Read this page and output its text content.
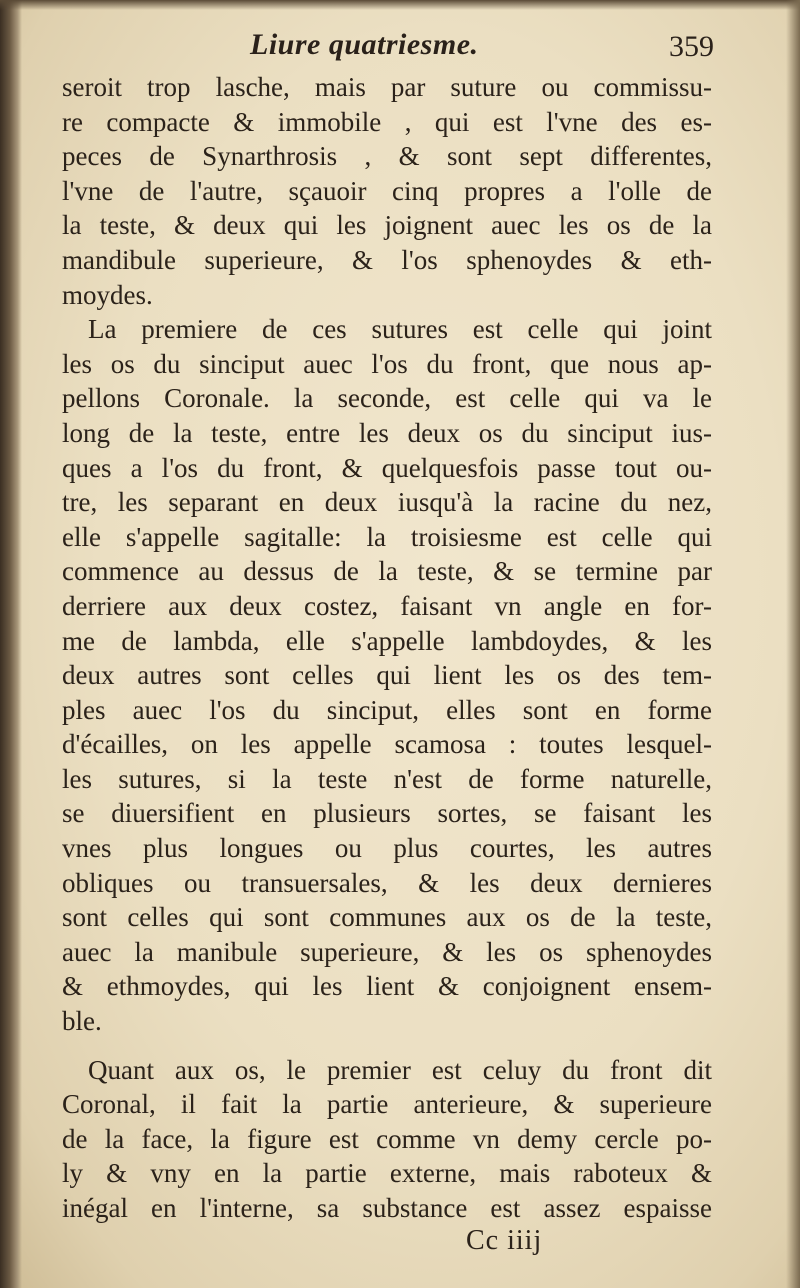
Liure quatriesme.	359
seroit trop lasche, mais par suture ou commissu-
re compacte & immobile , qui est l'vne des es-
peces de Synarthrosis , & sont sept differentes,
l'vne de l'autre, sçauoir cinq propres a l'olle de
la teste, & deux qui les joignent auec les os de la
mandibule superieure, & l'os sphenoydes & eth-
moydes.
La premiere de ces sutures est celle qui joint
les os du sinciput auec l'os du front, que nous ap-
pellons Coronale. la seconde, est celle qui va le
long de la teste, entre les deux os du sinciput ius-
ques a l'os du front, & quelquesfois passe tout ou-
tre, les separant en deux iusqu'à la racine du nez,
elle s'appelle sagitalle: la troisiesme est celle qui
commence au dessus de la teste, & se termine par
derriere aux deux costez, faisant vn angle en for-
me de lambda, elle s'appelle lambdoydes, & les
deux autres sont celles qui lient les os des tem-
ples auec l'os du sinciput, elles sont en forme
d'écailles, on les appelle scamosa : toutes lesquel-
les sutures, si la teste n'est de forme naturelle,
se diuersifient en plusieurs sortes, se faisant les
vnes plus longues ou plus courtes, les autres
obliques ou transuersales, & les deux dernieres
sont celles qui sont communes aux os de la teste,
auec la manibule superieure, & les os sphenoydes
& ethmoydes, qui les lient & conjoignent ensem-
ble.
Quant aux os, le premier est celuy du front dit
Coronal, il fait la partie anterieure, & superieure
de la face, la figure est comme vn demy cercle po-
ly & vny en la partie externe, mais raboteux &
inégal en l'interne, sa substance est assez espaisse
Cc iiij
